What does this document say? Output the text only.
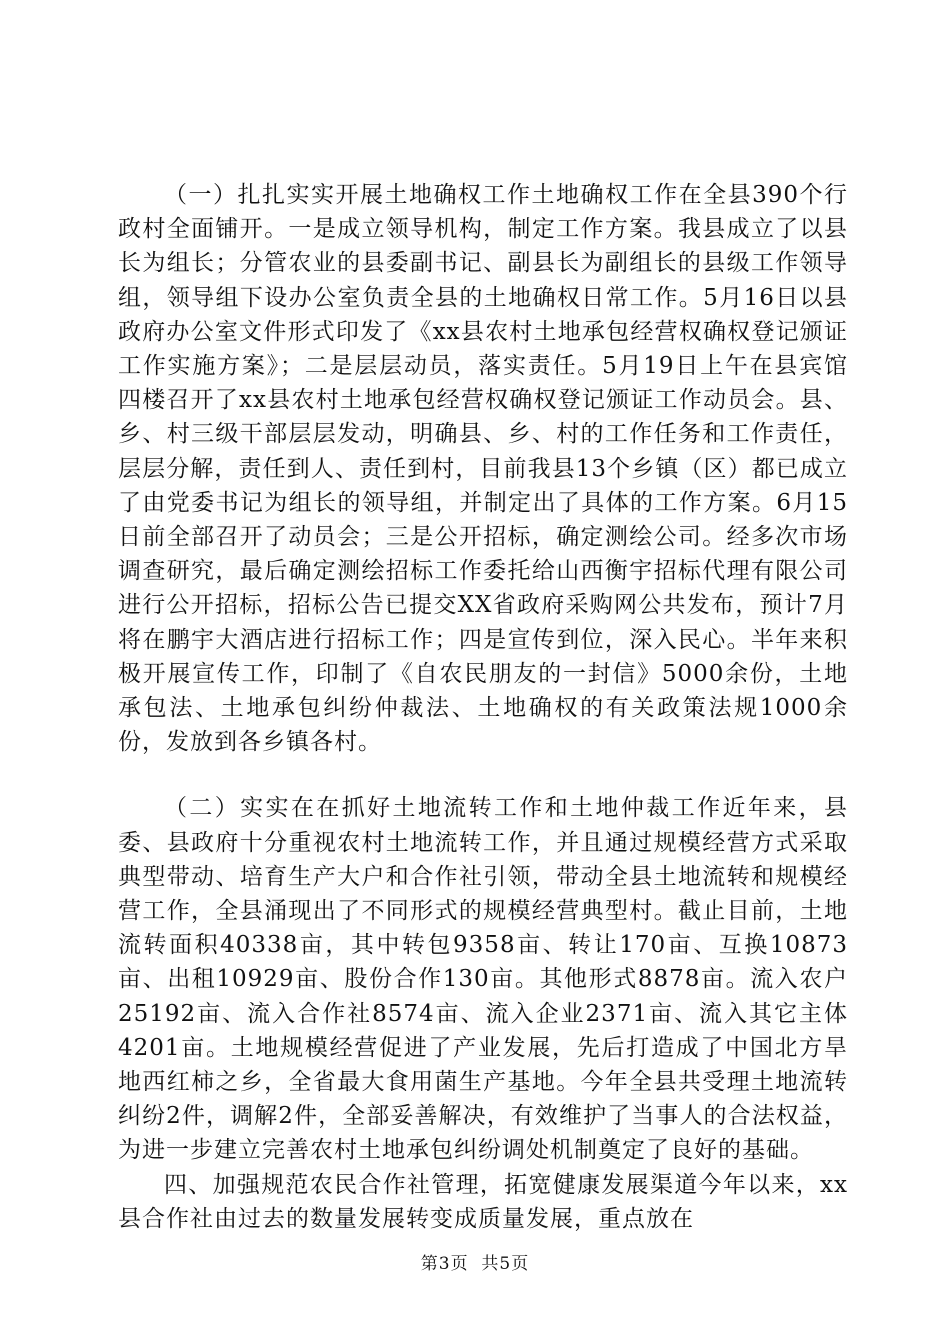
（一）扎扎实实开展土地确权工作土地确权工作在全县390个行政村全面铺开。一是成立领导机构，制定工作方案。我县成立了以县长为组长；分管农业的县委副书记、副县长为副组长的县级工作领导组，领导组下设办公室负责全县的土地确权日常工作。5月16日以县政府办公室文件形式印发了《xx县农村土地承包经营权确权登记颁证工作实施方案》；二是层层动员，落实责任。5月19日上午在县宾馆四楼召开了xx县农村土地承包经营权确权登记颁证工作动员会。县、乡、村三级干部层层发动，明确县、乡、村的工作任务和工作责任，层层分解，责任到人、责任到村，目前我县13个乡镇（区）都已成立了由党委书记为组长的领导组，并制定出了具体的工作方案。6月15日前全部召开了动员会；三是公开招标，确定测绘公司。经多次市场调查研究，最后确定测绘招标工作委托给山西衡宇招标代理有限公司进行公开招标，招标公告已提交XX省政府采购网公共发布，预计7月将在鹏宇大酒店进行招标工作；四是宣传到位，深入民心。半年来积极开展宣传工作，印制了《自农民朋友的一封信》5000余份，土地承包法、土地承包纠纷仲裁法、土地确权的有关政策法规1000余份，发放到各乡镇各村。

（二）实实在在抓好土地流转工作和土地仲裁工作近年来，县委、县政府十分重视农村土地流转工作，并且通过规模经营方式采取典型带动、培育生产大户和合作社引领，带动全县土地流转和规模经营工作，全县涌现出了不同形式的规模经营典型村。截止目前，土地流转面积40338亩，其中转包9358亩、转让170亩、互换10873亩、出租10929亩、股份合作130亩。其他形式8878亩。流入农户25192亩、流入合作社8574亩、流入企业2371亩、流入其它主体4201亩。土地规模经营促进了产业发展，先后打造成了中国北方旱地西红柿之乡，全省最大食用菌生产基地。今年全县共受理土地流转纠纷2件，调解2件，全部妥善解决，有效维护了当事人的合法权益，为进一步建立完善农村土地承包纠纷调处机制奠定了良好的基础。

四、加强规范农民合作社管理，拓宽健康发展渠道今年以来，xx县合作社由过去的数量发展转变成质量发展，重点放在

第3页 共5页
